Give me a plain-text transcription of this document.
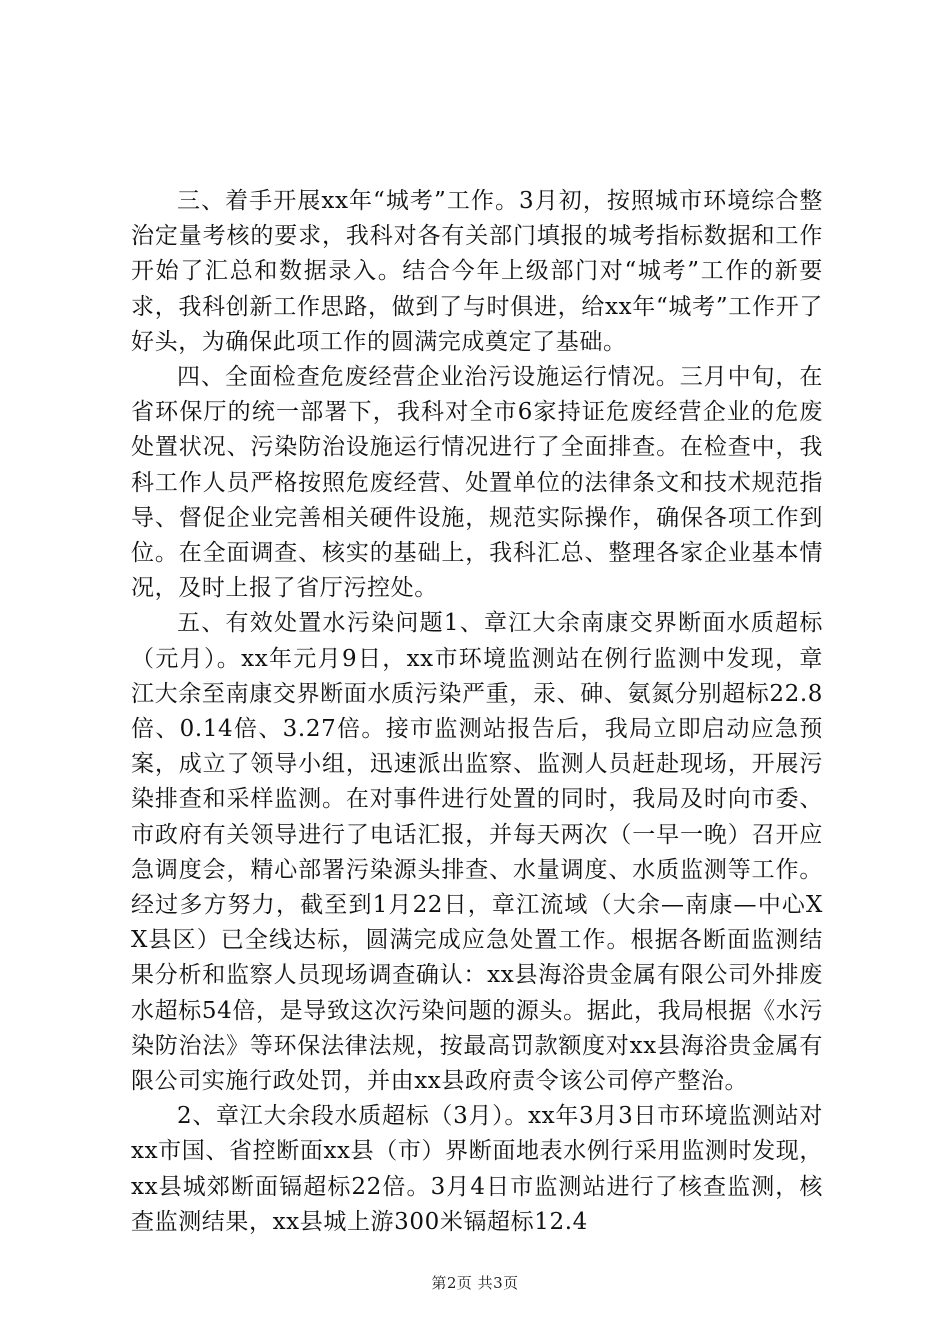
三、着手开展xx年“城考”工作。3月初，按照城市环境综合整治定量考核的要求，我科对各有关部门填报的城考指标数据和工作开始了汇总和数据录入。结合今年上级部门对“城考”工作的新要求，我科创新工作思路，做到了与时俱进，给xx年“城考”工作开了好头，为确保此项工作的圆满完成奠定了基础。

四、全面检查危废经营企业治污设施运行情况。三月中旬，在省环保厅的统一部署下，我科对全市6家持证危废经营企业的危废处置状况、污染防治设施运行情况进行了全面排查。在检查中，我科工作人员严格按照危废经营、处置单位的法律条文和技术规范指导、督促企业完善相关硬件设施，规范实际操作，确保各项工作到位。在全面调查、核实的基础上，我科汇总、整理各家企业基本情况，及时上报了省厅污控处。

五、有效处置水污染问题1、章江大余南康交界断面水质超标（元月）。xx年元月9日，xx市环境监测站在例行监测中发现，章江大余至南康交界断面水质污染严重，汞、砷、氨氮分别超标22.8倍、0.14倍、3.27倍。接市监测站报告后，我局立即启动应急预案，成立了领导小组，迅速派出监察、监测人员赶赴现场，开展污染排查和采样监测。在对事件进行处置的同时，我局及时向市委、市政府有关领导进行了电话汇报，并每天两次（一早一晚）召开应急调度会，精心部署污染源头排查、水量调度、水质监测等工作。经过多方努力，截至到1月22日，章江流域（大余—南康—中心XX县区）已全线达标，圆满完成应急处置工作。根据各断面监测结果分析和监察人员现场调查确认：xx县海浴贵金属有限公司外排废水超标54倍，是导致这次污染问题的源头。据此，我局根据《水污染防治法》等环保法律法规，按最高罚款额度对xx县海浴贵金属有限公司实施行政处罚，并由xx县政府责令该公司停产整治。

2、章江大余段水质超标（3月）。xx年3月3日市环境监测站对xx市国、省控断面xx县（市）界断面地表水例行采用监测时发现，xx县城郊断面镉超标22倍。3月4日市监测站进行了核查监测，核查监测结果，xx县城上游300米镉超标12.4

第2页 共3页
